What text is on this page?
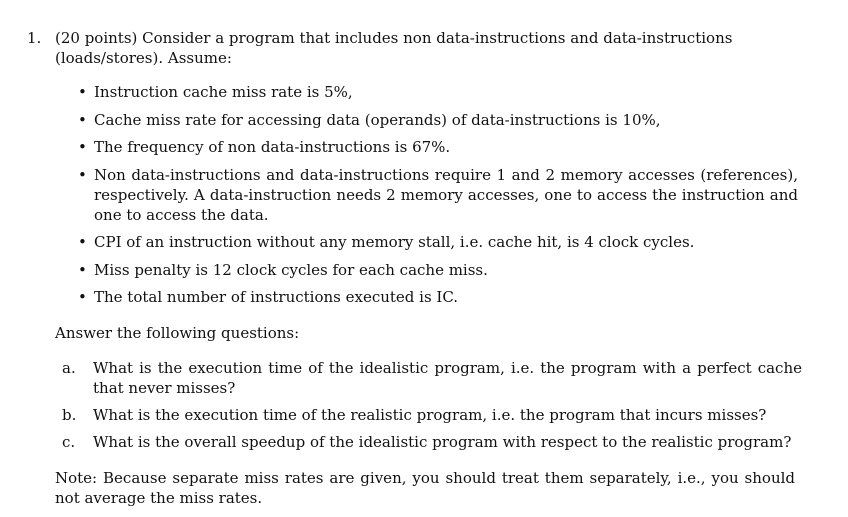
1. (20 points) Consider a program that includes non data-instructions and data-instructions (loads/stores). Assume:
• Instruction cache miss rate is 5%,
• Cache miss rate for accessing data (operands) of data-instructions is 10%,
• The frequency of non data-instructions is 67%.
• Non data-instructions and data-instructions require 1 and 2 memory accesses (references), respectively. A data-instruction needs 2 memory accesses, one to access the instruction and one to access the data.
• CPI of an instruction without any memory stall, i.e. cache hit, is 4 clock cycles.
• Miss penalty is 12 clock cycles for each cache miss.
• The total number of instructions executed is IC.
Answer the following questions:
a. What is the execution time of the idealistic program, i.e. the program with a perfect cache that never misses?
b. What is the execution time of the realistic program, i.e. the program that incurs misses?
c. What is the overall speedup of the idealistic program with respect to the realistic program?
Note: Because separate miss rates are given, you should treat them separately, i.e., you should not average the miss rates.
